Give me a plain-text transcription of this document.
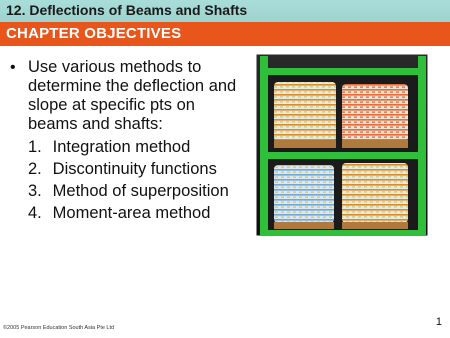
12. Deflections of Beams and Shafts
CHAPTER OBJECTIVES
• Use various methods to determine the deflection and slope at specific pts on beams and shafts:
1. Integration method
2. Discontinuity functions
3. Method of superposition
4. Moment-area method
©2005 Pearson Education South Asia Pte Ltd	1
